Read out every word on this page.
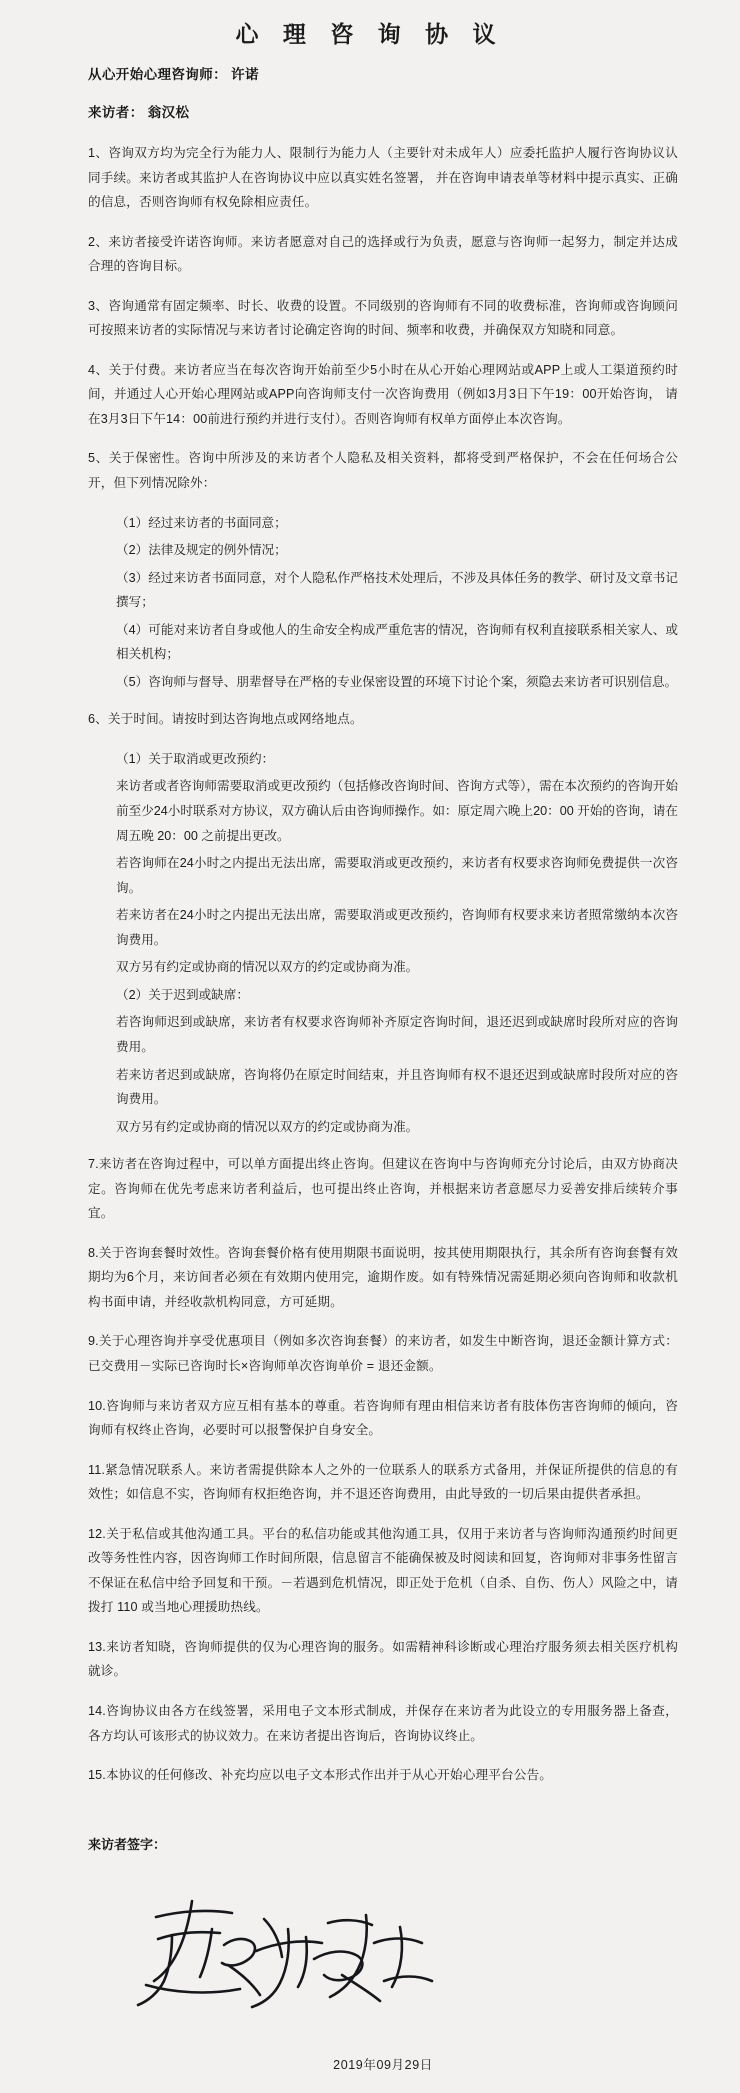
心 理 咨 询 协 议
从心开始心理咨询师： 许诺
来访者： 翁汉松

1、咨询双方均为完全行为能力人、限制行为能力人（主要针对未成年人）应委托监护人履行咨询协议认同手续。来访者或其监护人在咨询协议中应以真实姓名签署， 并在咨询申请表单等材料中提示真实、正确的信息，否则咨询师有权免除相应责任。

2、来访者接受许诺咨询师。来访者愿意对自己的选择或行为负责，愿意与咨询师一起努力，制定并达成合理的咨询目标。

3、咨询通常有固定频率、时长、收费的设置。不同级别的咨询师有不同的收费标准，咨询师或咨询顾问可按照来访者的实际情况与来访者讨论确定咨询的时间、频率和收费，并确保双方知晓和同意。

4、关于付费。来访者应当在每次咨询开始前至少5小时在从心开始心理网站或APP上或人工渠道预约时间，并通过人心开始心理网站或APP向咨询师支付一次咨询费用（例如3月3日下午19：00开始咨询， 请在3月3日下午14：00前进行预约并进行支付）。否则咨询师有权单方面停止本次咨询。

5、关于保密性。咨询中所涉及的来访者个人隐私及相关资料，都将受到严格保护，不会在任何场合公开，但下列情况除外：

（1）经过来访者的书面同意；

（2）法律及规定的例外情况；

（3）经过来访者书面同意，对个人隐私作严格技术处理后，不涉及具体任务的教学、研讨及文章书记撰写；

（4）可能对来访者自身或他人的生命安全构成严重危害的情况，咨询师有权利直接联系相关家人、或相关机构；

（5）咨询师与督导、朋辈督导在严格的专业保密设置的环境下讨论个案，须隐去来访者可识别信息。

6、关于时间。请按时到达咨询地点或网络地点。

（1）关于取消或更改预约：

来访者或者咨询师需要取消或更改预约（包括修改咨询时间、咨询方式等），需在本次预约的咨询开始前至少24小时联系对方协议，双方确认后由咨询师操作。如：原定周六晚上20：00 开始的咨询，请在周五晚 20：00 之前提出更改。

若咨询师在24小时之内提出无法出席，需要取消或更改预约，来访者有权要求咨询师免费提供一次咨询。

若来访者在24小时之内提出无法出席，需要取消或更改预约，咨询师有权要求来访者照常缴纳本次咨询费用。

双方另有约定或协商的情况以双方的约定或协商为准。

（2）关于迟到或缺席：

若咨询师迟到或缺席，来访者有权要求咨询师补齐原定咨询时间，退还迟到或缺席时段所对应的咨询费用。

若来访者迟到或缺席，咨询将仍在原定时间结束，并且咨询师有权不退还迟到或缺席时段所对应的咨询费用。

双方另有约定或协商的情况以双方的约定或协商为准。

7.来访者在咨询过程中，可以单方面提出终止咨询。但建议在咨询中与咨询师充分讨论后，由双方协商决定。咨询师在优先考虑来访者利益后，也可提出终止咨询，并根据来访者意愿尽力妥善安排后续转介事宜。

8.关于咨询套餐时效性。咨询套餐价格有使用期限书面说明，按其使用期限执行，其余所有咨询套餐有效期均为6个月，来访间者必须在有效期内使用完，逾期作废。如有特殊情况需延期必须向咨询师和收款机构书面申请，并经收款机构同意，方可延期。

9.关于心理咨询并享受优惠项目（例如多次咨询套餐）的来访者，如发生中断咨询，退还金额计算方式： 已交费用－实际已咨询时长×咨询师单次咨询单价 = 退还金额。

10.咨询师与来访者双方应互相有基本的尊重。若咨询师有理由相信来访者有肢体伤害咨询师的倾向，咨询师有权终止咨询，必要时可以报警保护自身安全。

11.紧急情况联系人。来访者需提供除本人之外的一位联系人的联系方式备用，并保证所提供的信息的有效性；如信息不实，咨询师有权拒绝咨询，并不退还咨询费用，由此导致的一切后果由提供者承担。

12.关于私信或其他沟通工具。平台的私信功能或其他沟通工具，仅用于来访者与咨询师沟通预约时间更改等务性性内容，因咨询师工作时间所限，信息留言不能确保被及时阅读和回复，咨询师对非事务性留言不保证在私信中给予回复和干预。－若遇到危机情况，即正处于危机（自杀、自伤、伤人）风险之中，请拨打 110 或当地心理援助热线。

13.来访者知晓，咨询师提供的仅为心理咨询的服务。如需精神科诊断或心理治疗服务须去相关医疗机构就诊。

14.咨询协议由各方在线签署，采用电子文本形式制成，并保存在来访者为此设立的专用服务器上备查，各方均认可该形式的协议效力。在来访者提出咨询后，咨询协议终止。

15.本协议的任何修改、补充均应以电子文本形式作出并于从心开始心理平台公告。

来访者签字：
2019年09月29日
